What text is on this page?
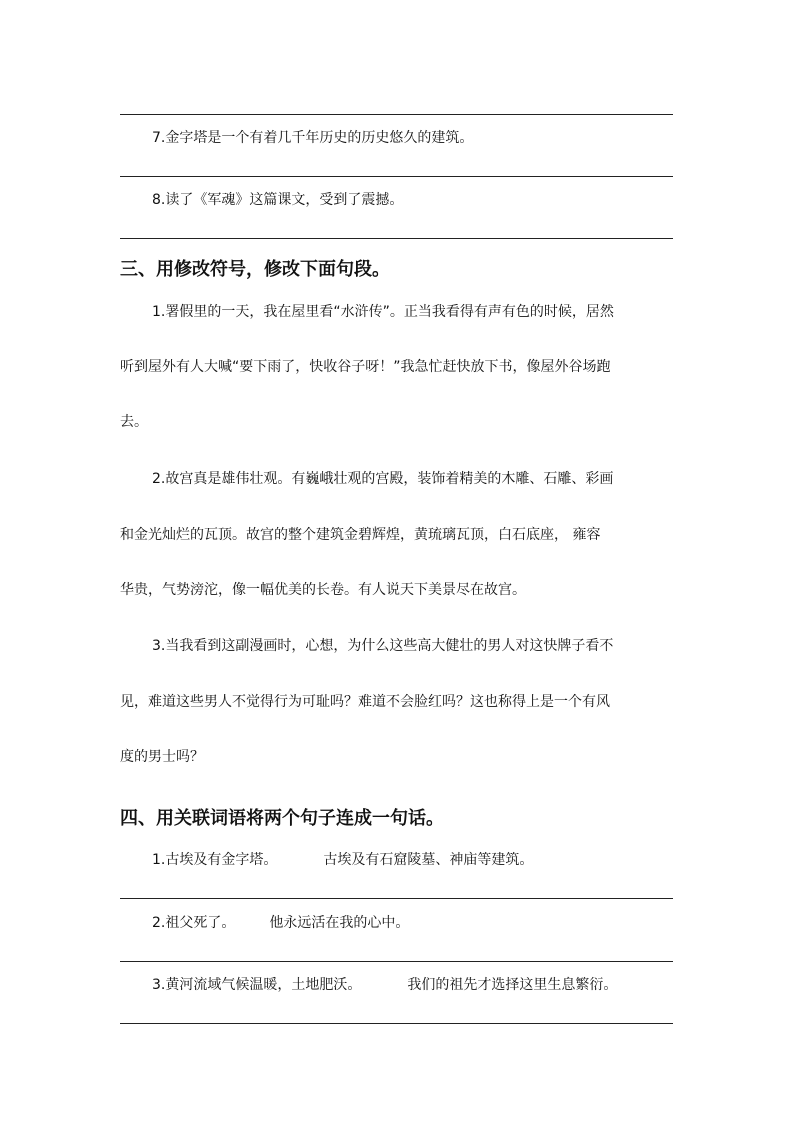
7.金字塔是一个有着几千年历史的历史悠久的建筑。
8.读了《军魂》这篇课文，受到了震撼。
三、用修改符号，修改下面句段。
1.署假里的一天，我在屋里看“水浒传”。正当我看得有声有色的时候，居然
听到屋外有人大喊“要下雨了，快收谷子呀！”我急忙赶快放下书，像屋外谷场跑
去。
2.故宫真是雄伟壮观。有巍峨壮观的宫殿，装饰着精美的木雕、石雕、彩画
和金光灿烂的瓦顶。故宫的整个建筑金碧辉煌，黄琉璃瓦顶，白石底座， 雍容
华贵，气势滂沱，像一幅优美的长卷。有人说天下美景尽在故宫。
3.当我看到这副漫画时，心想，为什么这些高大健壮的男人对这快牌子看不
见，难道这些男人不觉得行为可耻吗？难道不会脸红吗？这也称得上是一个有风
度的男士吗？
四、用关联词语将两个句子连成一句话。
1.古埃及有金字塔。	古埃及有石窟陵墓、神庙等建筑。
2.祖父死了。 他永远活在我的心中。
3.黄河流域气候温暖，土地肥沃。	我们的祖先才选择这里生息繁衍。
